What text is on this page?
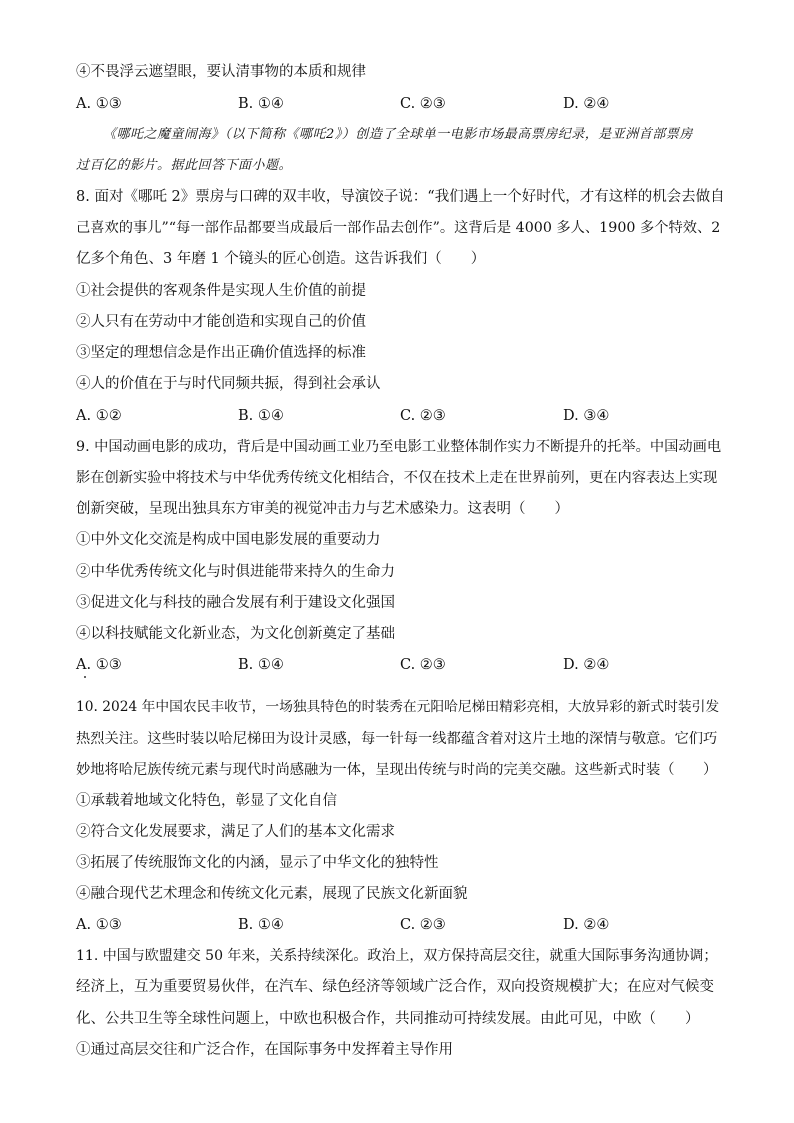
④不畏浮云遮望眼，要认清事物的本质和规律
A. ①③	B. ①④	C. ②③	D. ②④
《哪吒之魔童闹海》（以下简称《哪吒2》）创造了全球单一电影市场最高票房纪录，是亚洲首部票房
过百亿的影片。据此回答下面小题。
8. 面对《哪吒 2》票房与口碑的双丰收，导演饺子说：“我们遇上一个好时代，才有这样的机会去做自
己喜欢的事儿”“每一部作品都要当成最后一部作品去创作”。这背后是 4000 多人、1900 多个特效、2
亿多个角色、3 年磨 1 个镜头的匠心创造。这告诉我们（　　）
①社会提供的客观条件是实现人生价值的前提
②人只有在劳动中才能创造和实现自己的价值
③坚定的理想信念是作出正确价值选择的标准
④人的价值在于与时代同频共振，得到社会承认
A. ①②	B. ①④	C. ②③	D. ③④
9. 中国动画电影的成功，背后是中国动画工业乃至电影工业整体制作实力不断提升的托举。中国动画电
影在创新实验中将技术与中华优秀传统文化相结合，不仅在技术上走在世界前列，更在内容表达上实现
创新突破，呈现出独具东方审美的视觉冲击力与艺术感染力。这表明（　　）
①中外文化交流是构成中国电影发展的重要动力
②中华优秀传统文化与时俱进能带来持久的生命力
③促进文化与科技的融合发展有利于建设文化强国
④以科技赋能文化新业态，为文化创新奠定了基础
A. ①③	B. ①④	C. ②③	D. ②④
10. 2024 年中国农民丰收节，一场独具特色的时装秀在元阳哈尼梯田精彩亮相，大放异彩的新式时装引发
热烈关注。这些时装以哈尼梯田为设计灵感，每一针每一线都蕴含着对这片土地的深情与敬意。它们巧
妙地将哈尼族传统元素与现代时尚感融为一体，呈现出传统与时尚的完美交融。这些新式时装（　　）
①承载着地域文化特色，彰显了文化自信
②符合文化发展要求，满足了人们的基本文化需求
③拓展了传统服饰文化的内涵，显示了中华文化的独特性
④融合现代艺术理念和传统文化元素，展现了民族文化新面貌
A. ①③	B. ①④	C. ②③	D. ②④
11. 中国与欧盟建交 50 年来，关系持续深化。政治上，双方保持高层交往，就重大国际事务沟通协调；
经济上，互为重要贸易伙伴，在汽车、绿色经济等领域广泛合作，双向投资规模扩大；在应对气候变
化、公共卫生等全球性问题上，中欧也积极合作，共同推动可持续发展。由此可见，中欧（　　）
①通过高层交往和广泛合作，在国际事务中发挥着主导作用
